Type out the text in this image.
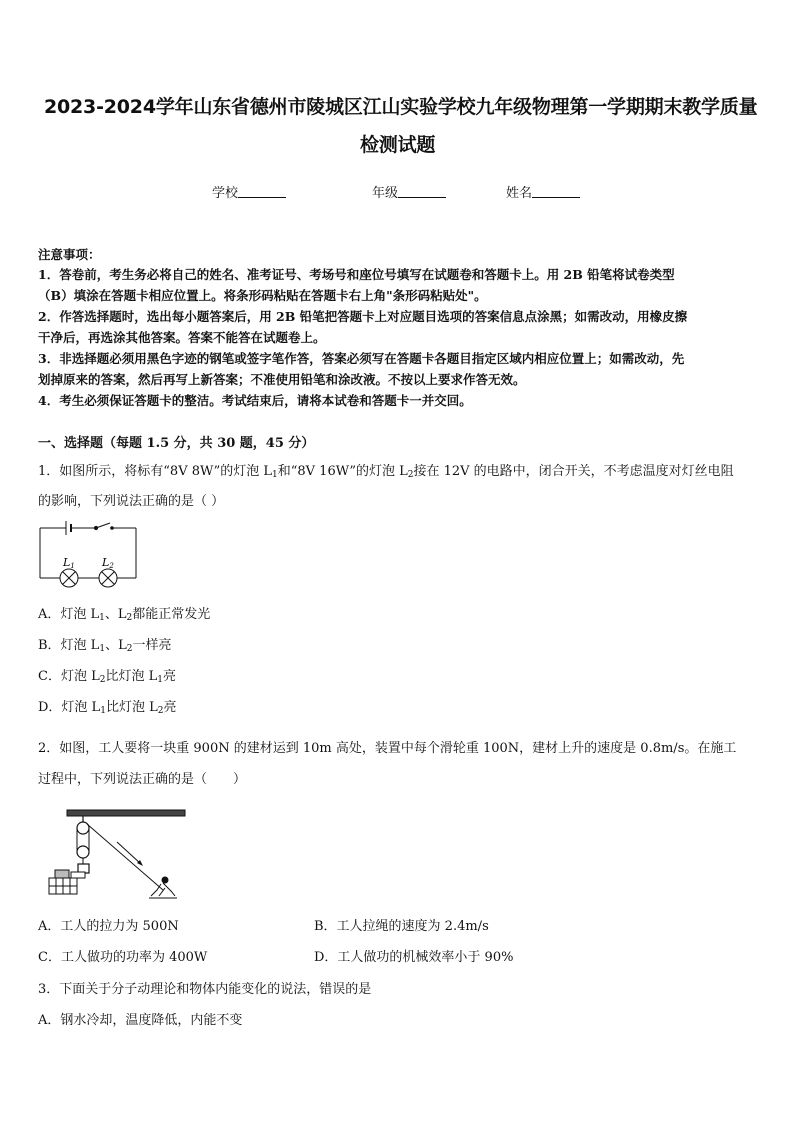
2023-2024学年山东省德州市陵城区江山实验学校九年级物理第一学期期末教学质量
检测试题
学校	年级	姓名
注意事项：
1．答卷前，考生务必将自己的姓名、准考证号、考场号和座位号填写在试题卷和答题卡上。用 2B 铅笔将试卷类型
（B）填涂在答题卡相应位置上。将条形码粘贴在答题卡右上角"条形码粘贴处"。
2．作答选择题时，选出每小题答案后，用 2B 铅笔把答题卡上对应题目选项的答案信息点涂黑；如需改动，用橡皮擦
干净后，再选涂其他答案。答案不能答在试题卷上。
3．非选择题必须用黑色字迹的钢笔或签字笔作答，答案必须写在答题卡各题目指定区域内相应位置上；如需改动，先
划掉原来的答案，然后再写上新答案；不准使用铅笔和涂改液。不按以上要求作答无效。
4．考生必须保证答题卡的整洁。考试结束后，请将本试卷和答题卡一并交回。
一、选择题（每题 1.5 分，共 30 题，45 分）
1．如图所示，将标有“8V 8W”的灯泡 $L_1$和“8V 16W”的灯泡 $L_2$接在 12V 的电路中，闭合开关，不考虑温度对灯丝电阻
的影响，下列说法正确的是（ ）
L1 L2
A．灯泡 $L_1$、$L_2$都能正常发光
B．灯泡 $L_1$、$L_2$一样亮
C．灯泡 $L_2$比灯泡 $L_1$亮
D．灯泡 $L_1$比灯泡 $L_2$亮
2．如图，工人要将一块重 900N 的建材运到 10m 高处，装置中每个滑轮重 100N，建材上升的速度是 0.8m/s。在施工
过程中，下列说法正确的是（　　）
A．工人的拉力为 500N	B．工人拉绳的速度为 2.4m/s
C．工人做功的功率为 400W	D．工人做功的机械效率小于 90%
3．下面关于分子动理论和物体内能变化的说法，错误的是
A．钢水冷却，温度降低，内能不变
